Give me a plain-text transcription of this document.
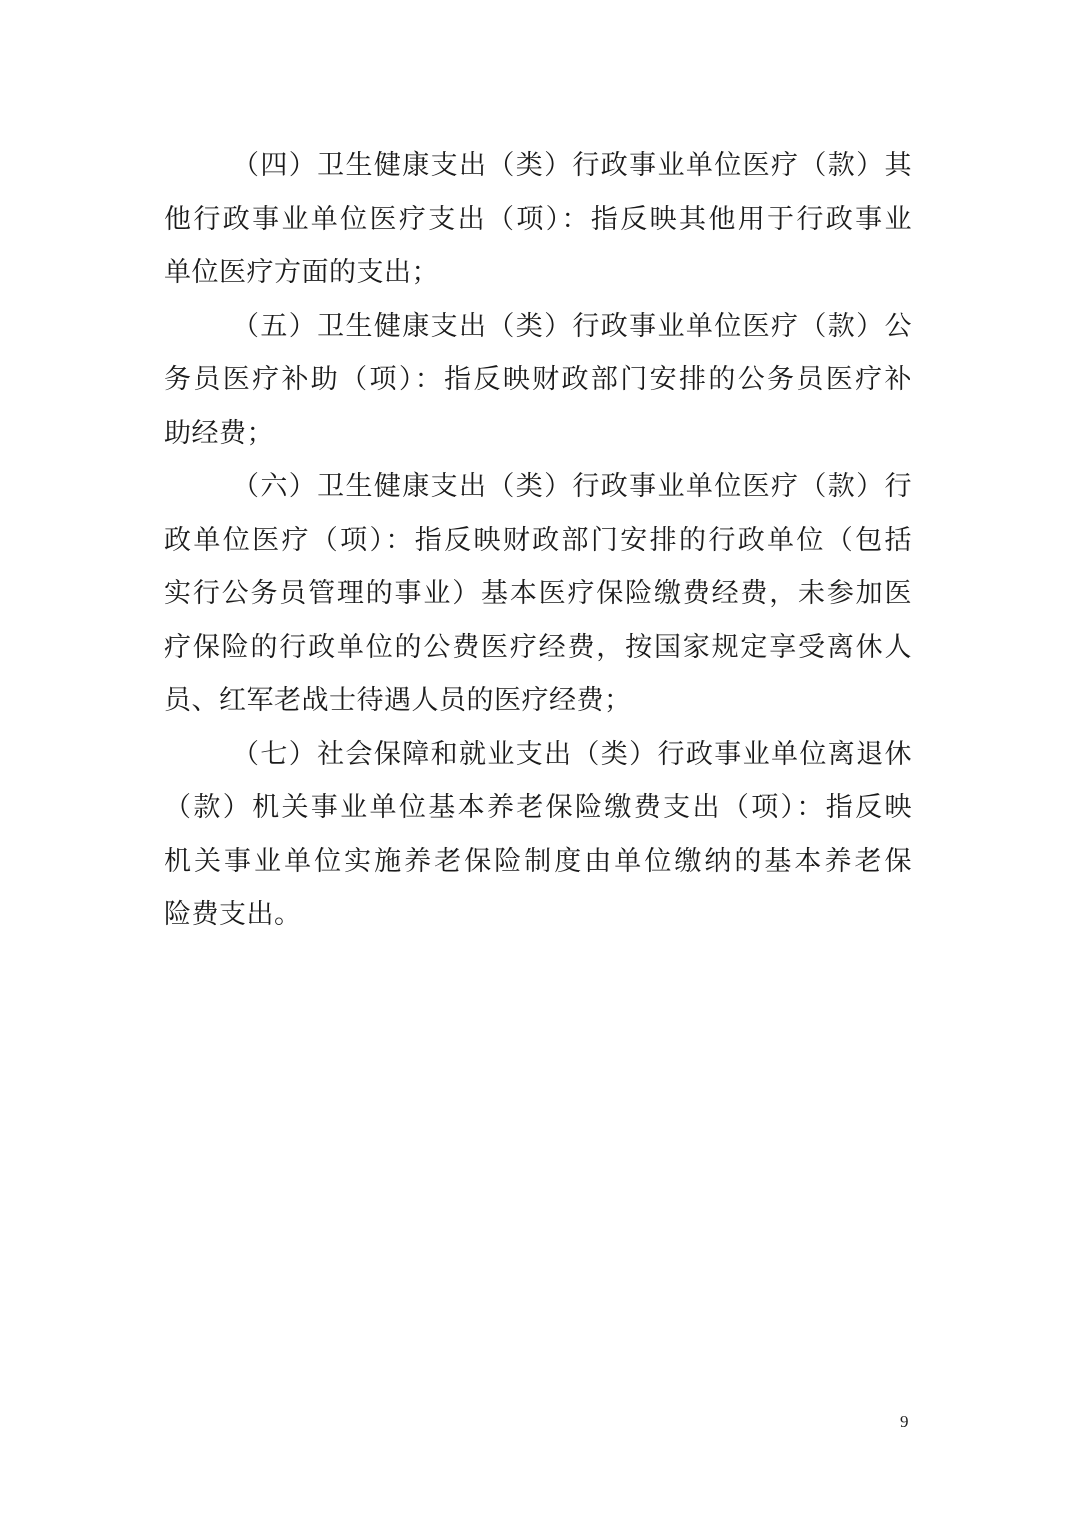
（四）卫生健康支出（类）行政事业单位医疗（款）其
他行政事业单位医疗支出（项）：指反映其他用于行政事业
单位医疗方面的支出；

（五）卫生健康支出（类）行政事业单位医疗（款）公
务员医疗补助（项）：指反映财政部门安排的公务员医疗补
助经费；

（六）卫生健康支出（类）行政事业单位医疗（款）行
政单位医疗（项）：指反映财政部门安排的行政单位（包括
实行公务员管理的事业）基本医疗保险缴费经费，未参加医
疗保险的行政单位的公费医疗经费，按国家规定享受离休人
员、红军老战士待遇人员的医疗经费；

（七）社会保障和就业支出（类）行政事业单位离退休
（款）机关事业单位基本养老保险缴费支出（项）：指反映
机关事业单位实施养老保险制度由单位缴纳的基本养老保
险费支出。

9
